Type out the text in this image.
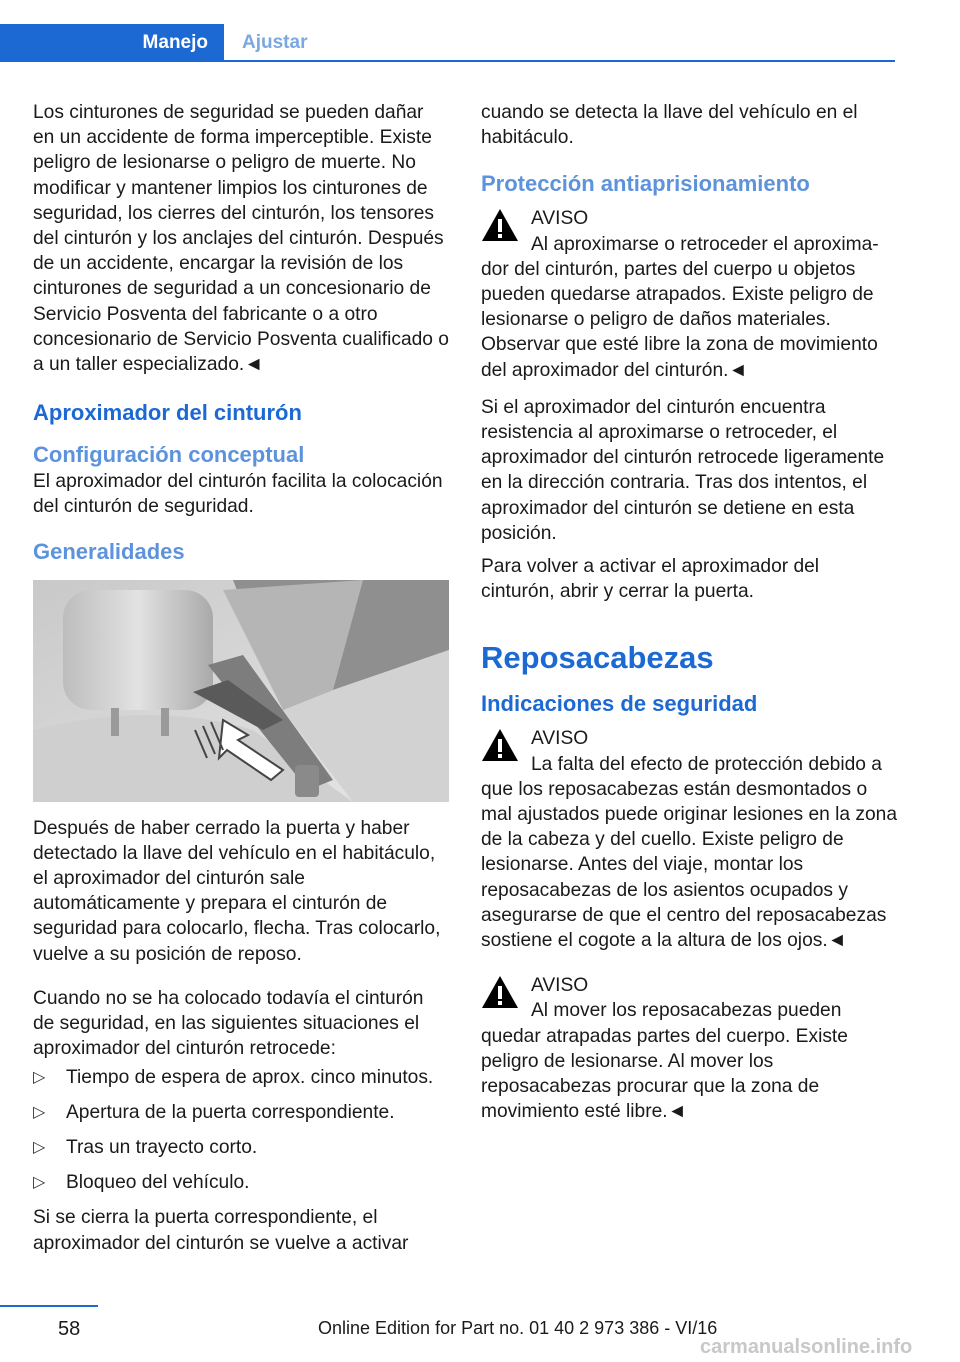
Manejo	Ajustar

Los cinturones de seguridad se pueden dañar en un accidente de forma imperceptible. Existe peligro de lesionarse o peligro de muerte. No modificar y mantener limpios los cinturones de seguridad, los cierres del cinturón, los tensores del cinturón y los anclajes del cinturón. Después de un accidente, encargar la revisión de los cinturones de seguridad a un concesionario de Servicio Posventa del fabricante o a otro concesionario de Servicio Posventa cualificado o a un taller especializado.◄

Aproximador del cinturón
Configuración conceptual

El aproximador del cinturón facilita la colocación del cinturón de seguridad.

Generalidades

Después de haber cerrado la puerta y haber detectado la llave del vehículo en el habitáculo, el aproximador del cinturón sale automáticamente y prepara el cinturón de seguridad para colocarlo, flecha. Tras colocarlo, vuelve a su posición de reposo.

Cuando no se ha colocado todavía el cinturón de seguridad, en las siguientes situaciones el aproximador del cinturón retrocede:

▷ Tiempo de espera de aprox. cinco minutos.
▷ Apertura de la puerta correspondiente.
▷ Tras un trayecto corto.
▷ Bloqueo del vehículo.

Si se cierra la puerta correspondiente, el aproximador del cinturón se vuelve a activar

cuando se detecta la llave del vehículo en el habitáculo.

Protección antiaprisionamiento

AVISO

Al aproximarse o retroceder el aproxima-

dor del cinturón, partes del cuerpo u objetos pueden quedarse atrapados. Existe peligro de lesionarse o peligro de daños materiales. Observar que esté libre la zona de movimiento del aproximador del cinturón.◄

Si el aproximador del cinturón encuentra resistencia al aproximarse o retroceder, el aproximador del cinturón retrocede ligeramente en la dirección contraria. Tras dos intentos, el aproximador del cinturón se detiene en esta posición.

Para volver a activar el aproximador del cinturón, abrir y cerrar la puerta.

Reposacabezas
Indicaciones de seguridad

AVISO

La falta del efecto de protección debido a

que los reposacabezas están desmontados o mal ajustados puede originar lesiones en la zona de la cabeza y del cuello. Existe peligro de lesionarse. Antes del viaje, montar los reposacabezas de los asientos ocupados y asegurarse de que el centro del reposacabezas sostiene el cogote a la altura de los ojos.◄

AVISO

Al mover los reposacabezas pueden

quedar atrapadas partes del cuerpo. Existe peligro de lesionarse. Al mover los reposacabezas procurar que la zona de movimiento esté libre.◄

58	Online Edition for Part no. 01 40 2 973 386 - VI/16
carmanualsonline.info
